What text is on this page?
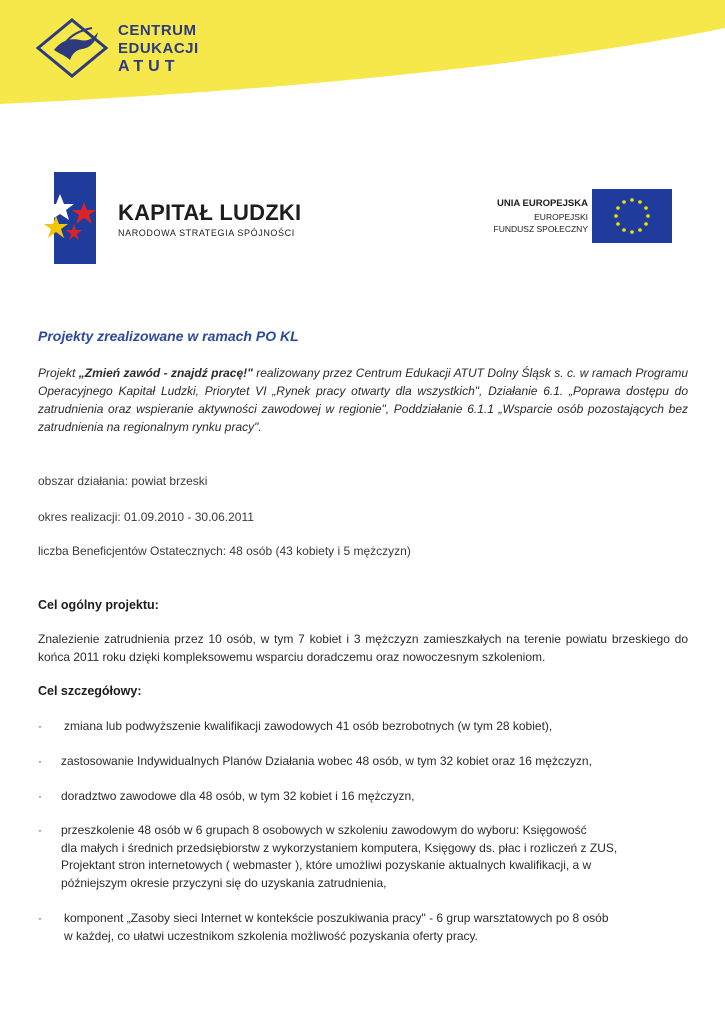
CENTRUM
EDUKACJI
ATUT
KAPITAŁ LUDZKI
NARODOWA STRATEGIA SPÓJNOŚCI
UNIA EUROPEJSKA
EUROPEJSKI
FUNDUSZ SPOŁECZNY
Projekty zrealizowane w ramach PO KL
Projekt „Zmień zawód - znajdź pracę!" realizowany przez Centrum Edukacji ATUT Dolny Śląsk s. c. w ramach Programu Operacyjnego Kapitał Ludzki, Priorytet VI „Rynek pracy otwarty dla wszystkich", Działanie 6.1. „Poprawa dostępu do zatrudnienia oraz wspieranie aktywności zawodowej w regionie", Poddziałanie 6.1.1 „Wsparcie osób pozostających bez zatrudnienia na regionalnym rynku pracy".
obszar działania: powiat brzeski
okres realizacji: 01.09.2010 - 30.06.2011
liczba Beneficjentów Ostatecznych: 48 osób (43 kobiety i 5 mężczyzn)
Cel ogólny projektu:
Znalezienie zatrudnienia przez 10 osób, w tym 7 kobiet i 3 mężczyzn zamieszkałych na terenie powiatu brzeskiego do końca 2011 roku dzięki kompleksowemu wsparciu doradczemu oraz nowoczesnym szkoleniom.
Cel szczegółowy:
· zmiana lub podwyższenie kwalifikacji zawodowych 41 osób bezrobotnych (w tym 28 kobiet),
· zastosowanie Indywidualnych Planów Działania wobec 48 osób, w tym 32 kobiet oraz 16 mężczyzn,
· doradztwo zawodowe dla 48 osób, w tym 32 kobiet i 16 mężczyzn,
· przeszkolenie 48 osób w 6 grupach 8 osobowych w szkoleniu zawodowym do wyboru: Księgowość
dla małych i średnich przedsiębiorstw z wykorzystaniem komputera, Księgowy ds. płac i rozliczeń z ZUS,
Projektant stron internetowych ( webmaster ), które umożliwi pozyskanie aktualnych kwalifikacji, a w
późniejszym okresie przyczyni się do uzyskania zatrudnienia,
· komponent „Zasoby sieci Internet w kontekście poszukiwania pracy" - 6 grup warsztatowych po 8 osób
w każdej, co ułatwi uczestnikom szkolenia możliwość pozyskania oferty pracy.
